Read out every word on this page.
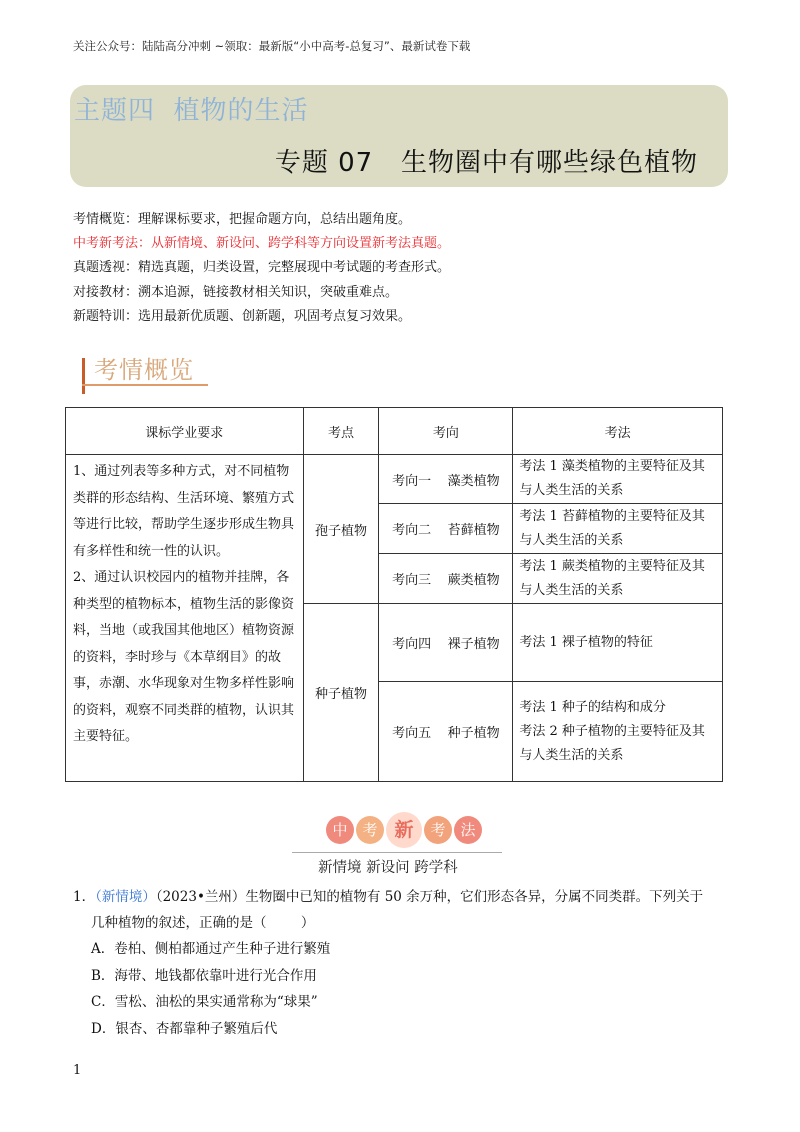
关注公众号：陆陆高分冲刺 ~领取：最新版“小中高考-总复习”、最新试卷下载
主题四  植物的生活
专题 07   生物圈中有哪些绿色植物
考情概览：理解课标要求，把握命题方向，总结出题角度。
中考新考法：从新情境、新设问、跨学科等方向设置新考法真题。
真题透视：精选真题，归类设置，完整展现中考试题的考查形式。
对接教材：溯本追源，链接教材相关知识，突破重难点。
新题特训：选用最新优质题、创新题，巩固考点复习效果。
考情概览
课标学业要求	考点	考向	考法

1、通过列表等多种方式，对不同植物类群的形态结构、生活环境、繁殖方式等进行比较，帮助学生逐步形成生物具有多样性和统一性的认识。

2、通过认识校园内的植物并挂牌，各种类型的植物标本，植物生活的影像资料，当地（或我国其他地区）植物资源的资料，李时珍与《本草纲目》的故事，赤潮、水华现象对生物多样性影响的资料，观察不同类群的植物，认识其主要特征。	孢子植物	考向一    藻类植物	考法 1 藻类植物的主要特征及其与人类生活的关系

		考向二    苔藓植物	考法 1 苔藓植物的主要特征及其与人类生活的关系

		考向三    蕨类植物	考法 1 蕨类植物的主要特征及其与人类生活的关系

	种子植物	考向四    裸子植物	考法 1 裸子植物的特征

		考向五    种子植物	考法 1 种子的结构和成分

考法 2 种子植物的主要特征及其与人类生活的关系

中 考 新	考 法
新情境 新设问 跨学科
1．（新情境）（2023•兰州）生物圈中已知的植物有 50 余万种，它们形态各异，分属不同类群。下列关于
几种植物的叙述，正确的是（        ）
A．卷柏、侧柏都通过产生种子进行繁殖
B．海带、地钱都依靠叶进行光合作用
C．雪松、油松的果实通常称为“球果”
D．银杏、杏都靠种子繁殖后代
1
